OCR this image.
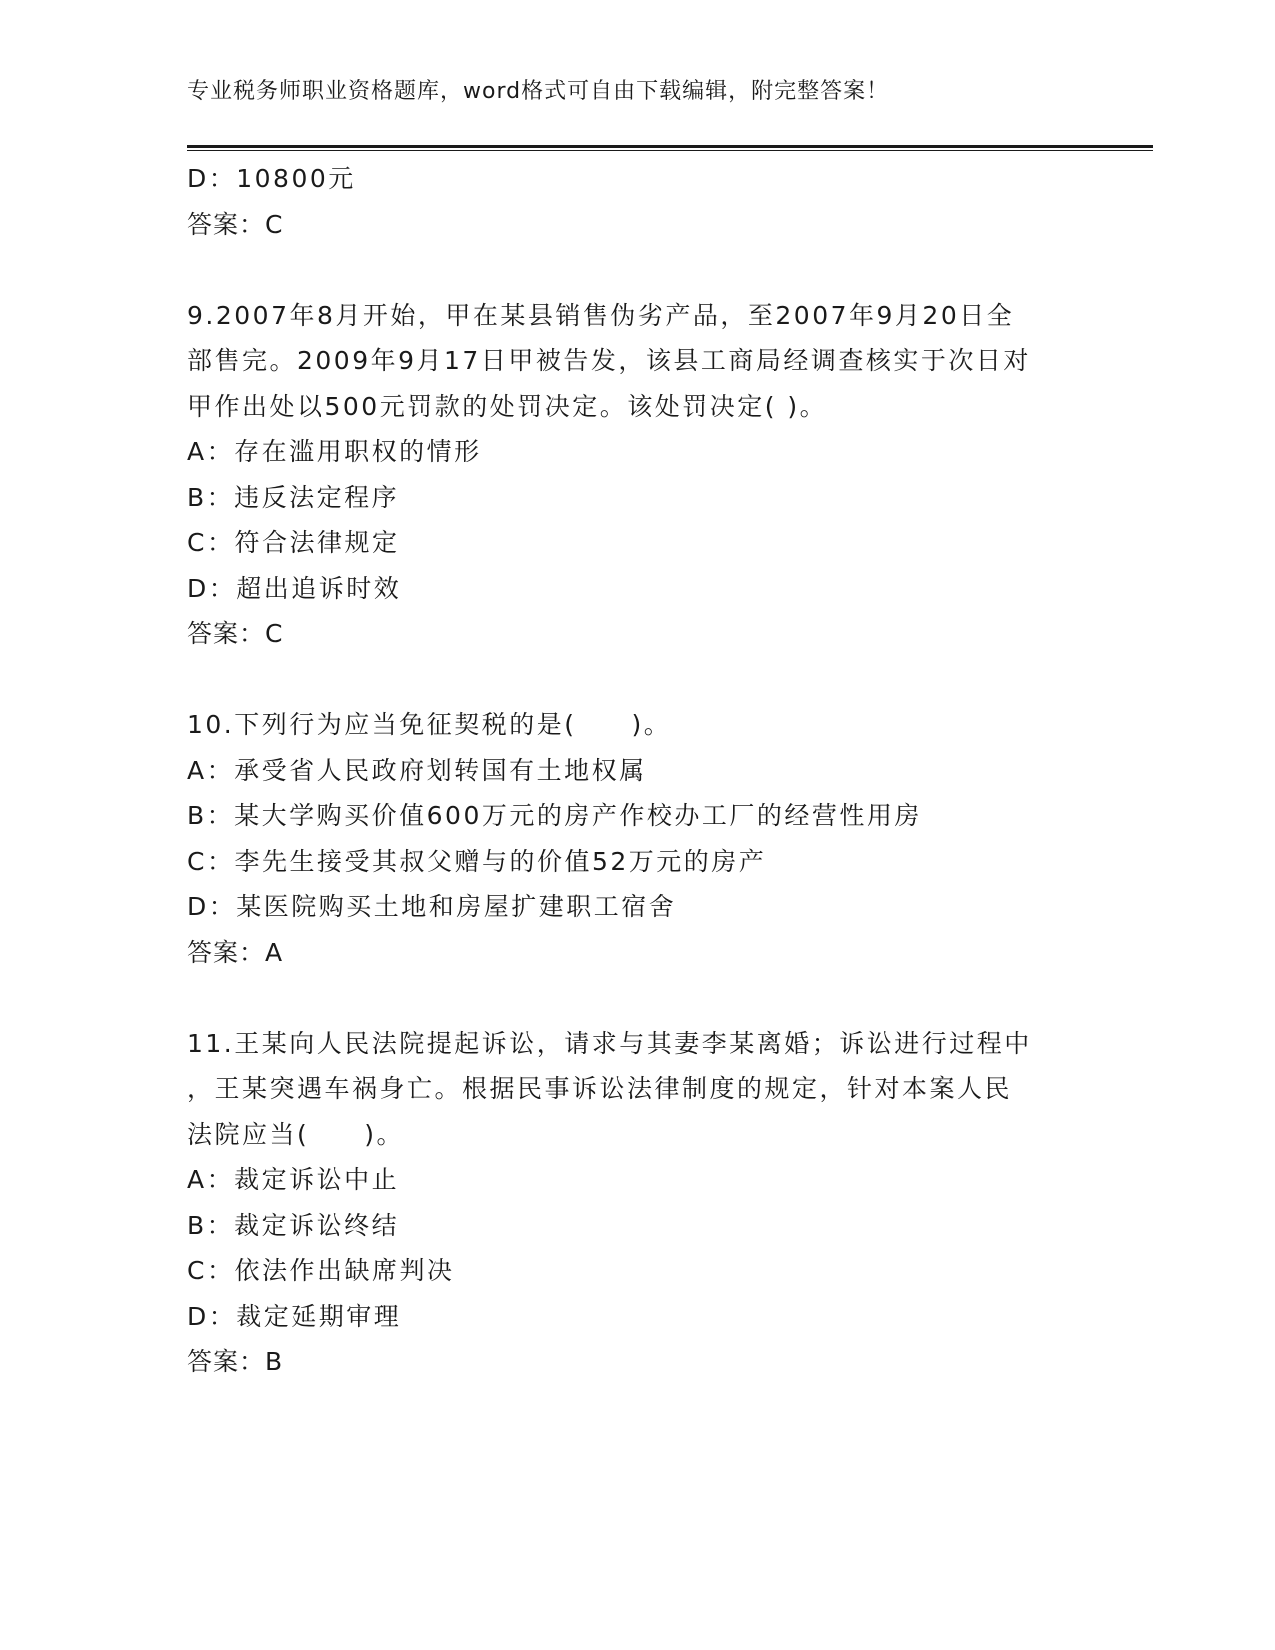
专业税务师职业资格题库，word格式可自由下载编辑，附完整答案！
D：10800元
答案：C
9.2007年8月开始，甲在某县销售伪劣产品，至2007年9月20日全
部售完。2009年9月17日甲被告发，该县工商局经调查核实于次日对
甲作出处以500元罚款的处罚决定。该处罚决定( )。
A：存在滥用职权的情形
B：违反法定程序
C：符合法律规定
D：超出追诉时效
答案：C
10.下列行为应当免征契税的是(　　)。
A：承受省人民政府划转国有土地权属
B：某大学购买价值600万元的房产作校办工厂的经营性用房
C：李先生接受其叔父赠与的价值52万元的房产
D：某医院购买土地和房屋扩建职工宿舍
答案：A
11.王某向人民法院提起诉讼，请求与其妻李某离婚；诉讼进行过程中
，王某突遇车祸身亡。根据民事诉讼法律制度的规定，针对本案人民
法院应当(　　)。
A：裁定诉讼中止
B：裁定诉讼终结
C：依法作出缺席判决
D：裁定延期审理
答案：B
